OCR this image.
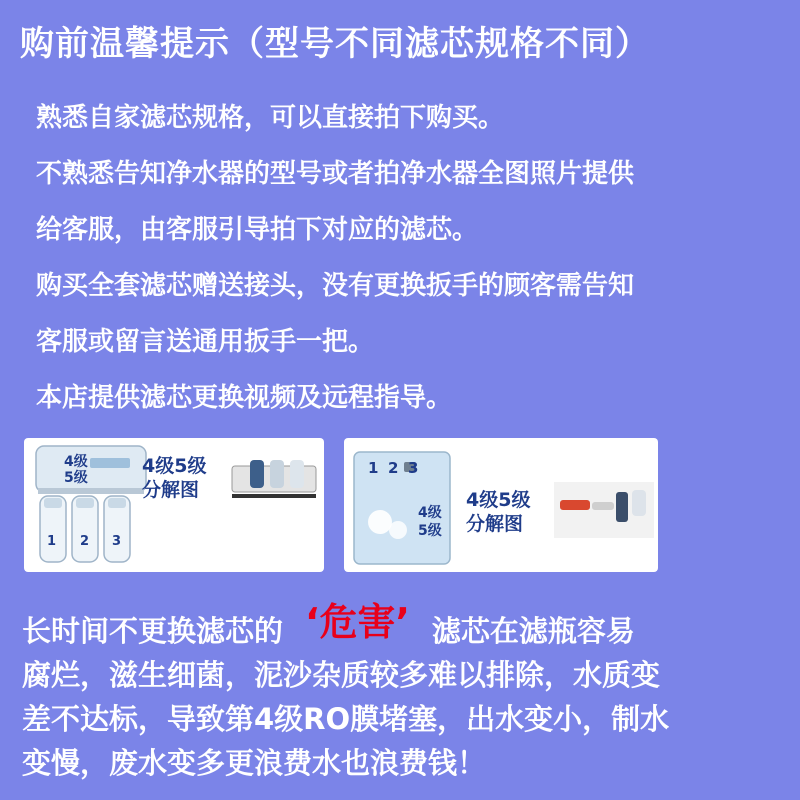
购前温馨提示（型号不同滤芯规格不同）

熟悉自家滤芯规格，可以直接拍下购买。

不熟悉告知净水器的型号或者拍净水器全图照片提供

给客服，由客服引导拍下对应的滤芯。

购买全套滤芯赠送接头，没有更换扳手的顾客需告知

客服或留言送通用扳手一把。

本店提供滤芯更换视频及远程指导。

4级
5级
1 2 3
4级5级
分解图
1 2 3
4级
5级
4级5级
分解图

长时间不更换滤芯的 ‘危害’ 滤芯在滤瓶容易

腐烂，滋生细菌，泥沙杂质较多难以排除，水质变

差不达标，导致第4级RO膜堵塞，出水变小，制水

变慢，废水变多更浪费水也浪费钱！
